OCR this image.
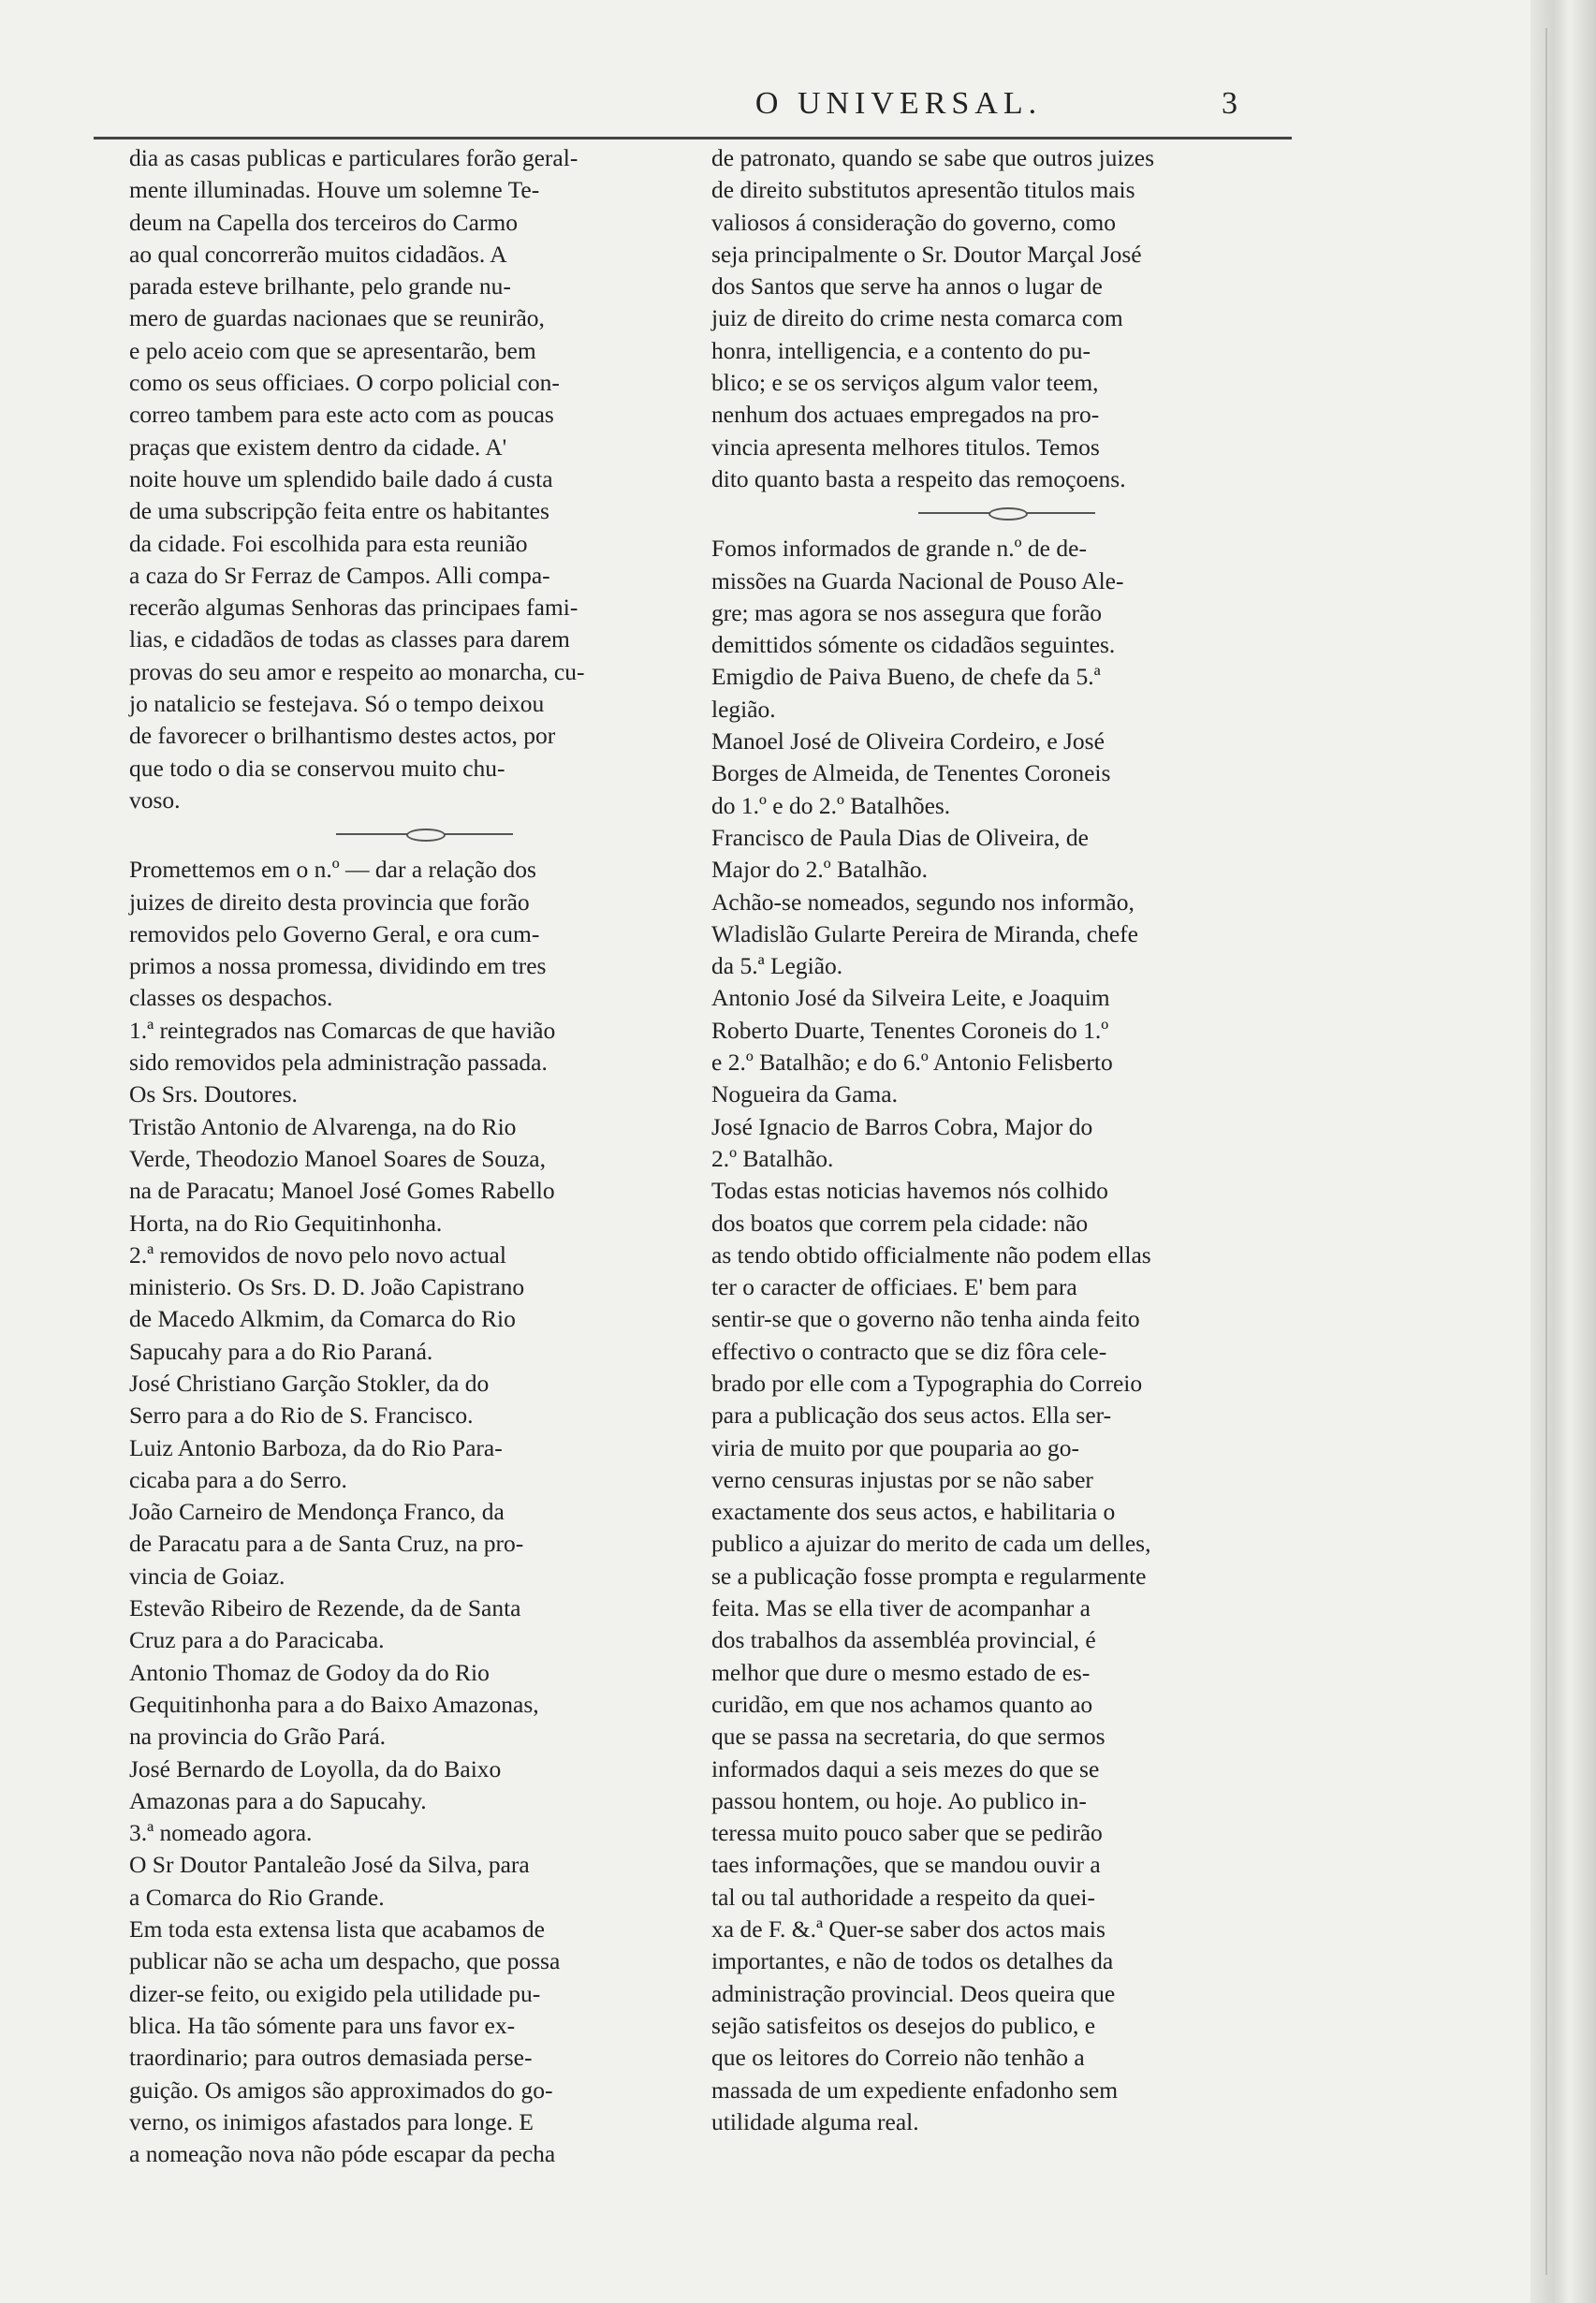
O UNIVERSAL.	3
dia as casas publicas e particulares forão geral-
mente illuminadas. Houve um solemne Te-
deum na Capella dos terceiros do Carmo
ao qual concorrerão muitos cidadãos. A
parada esteve brilhante, pelo grande nu-
mero de guardas nacionaes que se reunirão,
e pelo aceio com que se apresentarão, bem
como os seus officiaes. O corpo policial con-
correo tambem para este acto com as poucas
praças que existem dentro da cidade. A'
noite houve um splendido baile dado á custa
de uma subscripção feita entre os habitantes
da cidade. Foi escolhida para esta reunião
a caza do Sr Ferraz de Campos. Alli compa-
recerão algumas Senhoras das principaes fami-
lias, e cidadãos de todas as classes para darem
provas do seu amor e respeito ao monarcha, cu-
jo natalicio se festejava. Só o tempo deixou
de favorecer o brilhantismo destes actos, por
que todo o dia se conservou muito chu-
voso.
Promettemos em o n.º — dar a relação dos
juizes de direito desta provincia que forão
removidos pelo Governo Geral, e ora cum-
primos a nossa promessa, dividindo em tres
classes os despachos.
1.ª reintegrados nas Comarcas de que havião
sido removidos pela administração passada.
Os Srs. Doutores.
Tristão Antonio de Alvarenga, na do Rio
Verde, Theodozio Manoel Soares de Souza,
na de Paracatu; Manoel José Gomes Rabello
Horta, na do Rio Gequitinhonha.
2.ª removidos de novo pelo novo actual
ministerio. Os Srs. D. D. João Capistrano
de Macedo Alkmim, da Comarca do Rio
Sapucahy para a do Rio Paraná.
José Christiano Garção Stokler, da do
Serro para a do Rio de S. Francisco.
Luiz Antonio Barboza, da do Rio Para-
cicaba para a do Serro.
João Carneiro de Mendonça Franco, da
de Paracatu para a de Santa Cruz, na pro-
vincia de Goiaz.
Estevão Ribeiro de Rezende, da de Santa
Cruz para a do Paracicaba.
Antonio Thomaz de Godoy da do Rio
Gequitinhonha para a do Baixo Amazonas,
na provincia do Grão Pará.
José Bernardo de Loyolla, da do Baixo
Amazonas para a do Sapucahy.
3.ª nomeado agora.
O Sr Doutor Pantaleão José da Silva, para
a Comarca do Rio Grande.
Em toda esta extensa lista que acabamos de
publicar não se acha um despacho, que possa
dizer-se feito, ou exigido pela utilidade pu-
blica. Ha tão sómente para uns favor ex-
traordinario; para outros demasiada perse-
guição. Os amigos são approximados do go-
verno, os inimigos afastados para longe. E
a nomeação nova não póde escapar da pecha
de patronato, quando se sabe que outros juizes
de direito substitutos apresentão titulos mais
valiosos á consideração do governo, como
seja principalmente o Sr. Doutor Marçal José
dos Santos que serve ha annos o lugar de
juiz de direito do crime nesta comarca com
honra, intelligencia, e a contento do pu-
blico; e se os serviços algum valor teem,
nenhum dos actuaes empregados na pro-
vincia apresenta melhores titulos. Temos
dito quanto basta a respeito das remoçoens.
Fomos informados de grande n.º de de-
missões na Guarda Nacional de Pouso Ale-
gre; mas agora se nos assegura que forão
demittidos sómente os cidadãos seguintes.
Emigdio de Paiva Bueno, de chefe da 5.ª
legião.
Manoel José de Oliveira Cordeiro, e José
Borges de Almeida, de Tenentes Coroneis
do 1.º e do 2.º Batalhões.
Francisco de Paula Dias de Oliveira, de
Major do 2.º Batalhão.
Achão-se nomeados, segundo nos informão,
Wladislão Gularte Pereira de Miranda, chefe
da 5.ª Legião.
Antonio José da Silveira Leite, e Joaquim
Roberto Duarte, Tenentes Coroneis do 1.º
e 2.º Batalhão; e do 6.º Antonio Felisberto
Nogueira da Gama.
José Ignacio de Barros Cobra, Major do
2.º Batalhão.
Todas estas noticias havemos nós colhido
dos boatos que correm pela cidade: não
as tendo obtido officialmente não podem ellas
ter o caracter de officiaes. E' bem para
sentir-se que o governo não tenha ainda feito
effectivo o contracto que se diz fôra cele-
brado por elle com a Typographia do Correio
para a publicação dos seus actos. Ella ser-
viria de muito por que pouparia ao go-
verno censuras injustas por se não saber
exactamente dos seus actos, e habilitaria o
publico a ajuizar do merito de cada um delles,
se a publicação fosse prompta e regularmente
feita. Mas se ella tiver de acompanhar a
dos trabalhos da assembléa provincial, é
melhor que dure o mesmo estado de es-
curidão, em que nos achamos quanto ao
que se passa na secretaria, do que sermos
informados daqui a seis mezes do que se
passou hontem, ou hoje. Ao publico in-
teressa muito pouco saber que se pedirão
taes informações, que se mandou ouvir a
tal ou tal authoridade a respeito da quei-
xa de F. &.ª Quer-se saber dos actos mais
importantes, e não de todos os detalhes da
administração provincial. Deos queira que
sejão satisfeitos os desejos do publico, e
que os leitores do Correio não tenhão a
massada de um expediente enfadonho sem
utilidade alguma real.
